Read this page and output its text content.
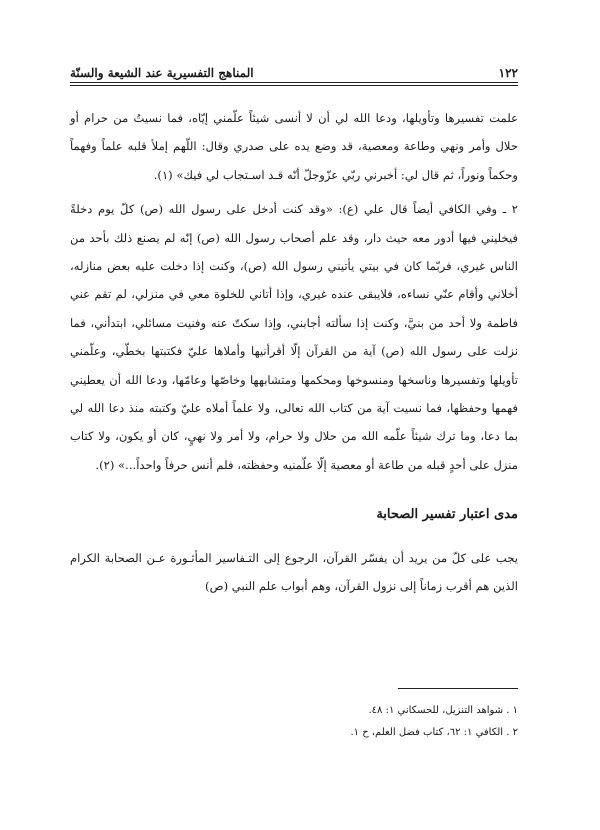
١٢٢
المناهج التفسيرية عند الشيعة والسنّة

علمت تفسيرها وتأويلها، ودعا الله لي أن لا أنسى شيئاً علّمني إيّاه، فما نسيتُ من حرام أو حلال وأمر ونهي وطاعة ومعصية، قد وضع يده على صدري وقال: اللّهم إملأ قلبه علماً وفهماً وحكماً ونوراً، ثم قال لي: أخبرني ربّي عزّوجلّ أنّه قـد اسـتجاب لي فيك» (١).

٢ ـ وفي الكافي أيضاً قال علي (ع): «وقد كنت أدخل على رسول الله (ص) كلّ يوم دخلةً فيخليني فيها أدور معه حيث دار، وقد علم أصحاب رسول الله (ص) إنّه لم يصنع ذلك بأحد من الناس غيري، فربّما كان في بيتي يأتيني رسول الله (ص)، وكنت إذا دخلت عليه بعض منازله، أخلاني وأقام عنّي نساءه، فلايبقى عنده غيري، وإذا أتاني للخلوة معي في منزلي، لم تقم عني فاطمة ولا أحد من بنيَّ، وكنت إذا سألته أجابني، وإذا سكتّ عنه وفنيت مسائلي، ابتدأني، فما نزلت على رسول الله (ص) آية من القرآن إلّا أقرأنيها وأملاها عليّ فكتبتها بخطّي، وعلّمني تأويلها وتفسيرها وناسخها ومنسوخها ومحكمها ومتشابهها وخاصّها وعامّها، ودعا الله أن يعطيني فهمها وحفظها، فما نسيت آية من كتاب الله تعالى، ولا علماً أملاه عليّ وكتبته منذ دعا الله لي بما دعا، وما ترك شيئاً علّمه الله من حلال ولا حرام، ولا أمر ولا نهيٍ، كان أو يكون، ولا كتاب منزل على أحدٍ قبله من طاعة أو معصية إلّا علّمنيه وحفظته، فلم أنس حرفاً واحداً...» (٢).

مدى اعتبار تفسير الصحابة

يجب على كلّ من يريد أن يفسّر القرآن، الرجوع إلى التـفاسير المأثـورة عـن الصحابة الكرام الذين هم أقرب زماناً إلى نزول القرآن، وهم أبواب علم النبي (ص)

١ . شواهد التنزيل، للحسكاني ١: ٤٨.
٢ . الكافي ١: ٦٢، كتاب فضل العلم، ح ١.
